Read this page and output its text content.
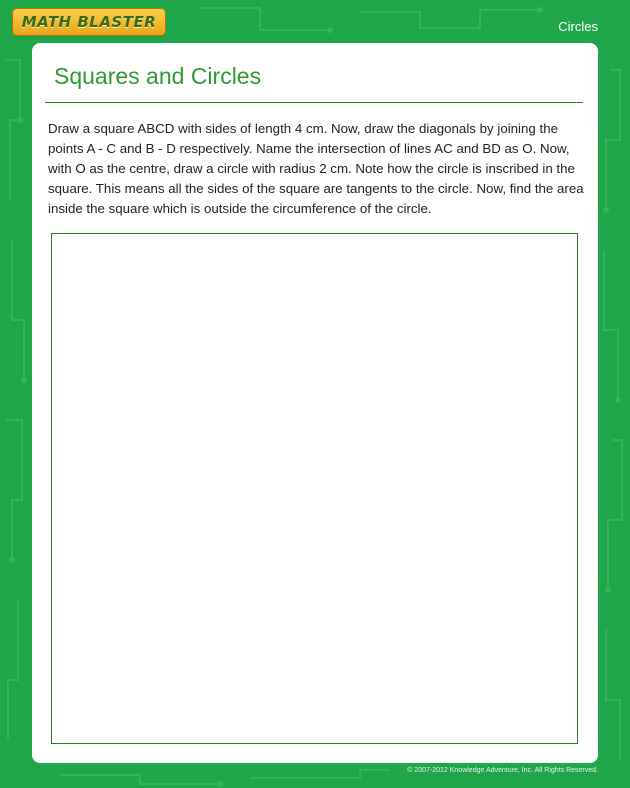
MATH BLASTER	Circles
Squares and Circles

Draw a square ABCD with sides of length 4 cm. Now, draw the diagonals by joining the points A - C and B - D respectively. Name the intersection of lines AC and BD as O. Now, with O as the centre, draw a circle with radius 2 cm. Note how the circle is inscribed in the square. This means all the sides of the square are tangents to the circle. Now, find the area inside the square which is outside the circumference of the circle.

© 2007-2012 Knowledge Adventure, Inc. All Rights Reserved.
